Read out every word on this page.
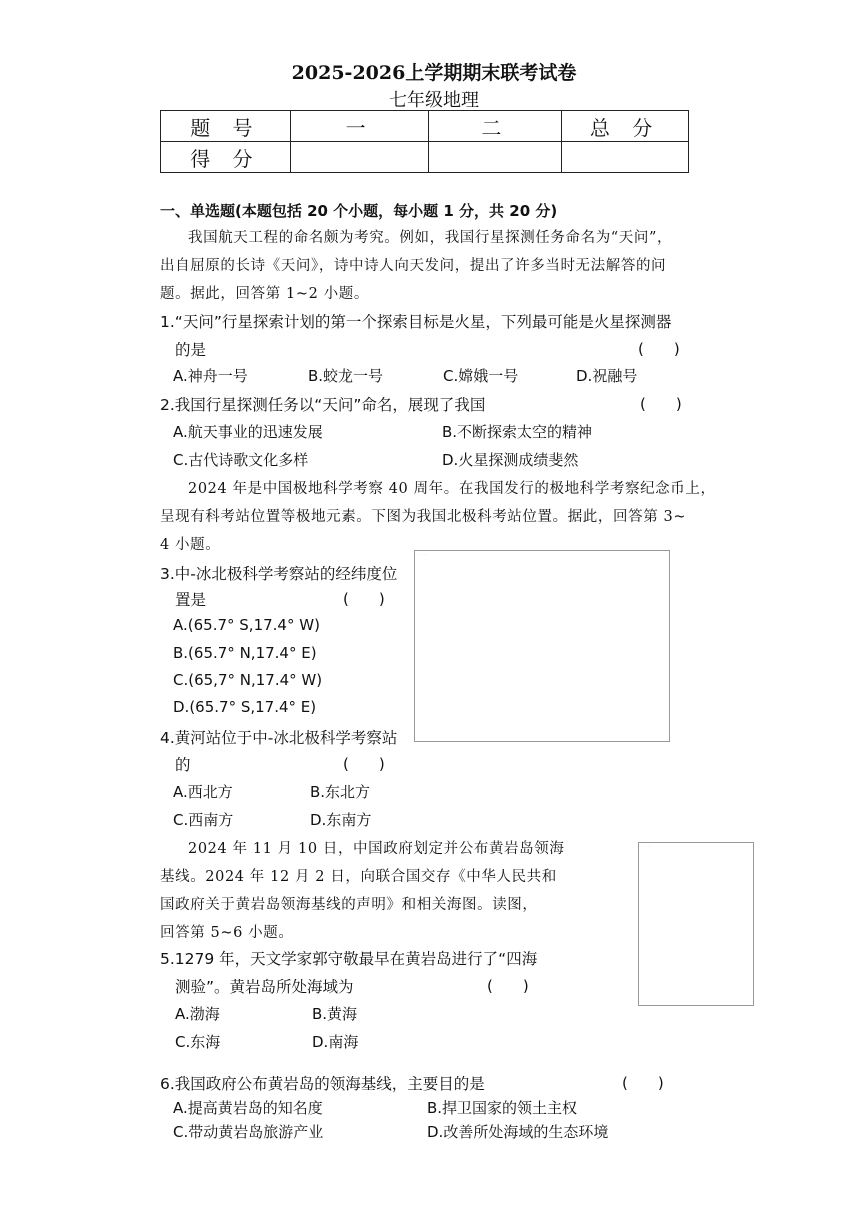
2025-2026上学期期末联考试卷
七年级地理
题 号	一	二	总 分
得 分			
一、单选题(本题包括 20 个小题，每小题 1 分，共 20 分)
我国航天工程的命名颇为考究。例如，我国行星探测任务命名为“天问”，
出自屈原的长诗《天问》，诗中诗人向天发问，提出了许多当时无法解答的问
题。据此，回答第 1~2 小题。
1.“天问”行星探索计划的第一个探索目标是火星，下列最可能是火星探测器
的是	(　　)
A.神舟一号	B.蛟龙一号	C.嫦娥一号	D.祝融号
2.我国行星探测任务以“天问”命名，展现了我国	(　　)
A.航天事业的迅速发展	B.不断探索太空的精神
C.古代诗歌文化多样	D.火星探测成绩斐然
2024 年是中国极地科学考察 40 周年。在我国发行的极地科学考察纪念币上，
呈现有科考站位置等极地元素。下图为我国北极科考站位置。据此，回答第 3~
4 小题。
· · · · ·
3.中-冰北极科学考察站的经纬度位
置是	(　　)
A.(65.7° S,17.4° W)
B.(65.7° N,17.4° E)
C.(65,7° N,17.4° W)
D.(65.7° S,17.4° E)
4.黄河站位于中-冰北极科学考察站
的	(　　)
A.西北方	B.东北方
C.西南方	D.东南方
2024 年 11 月 10 日，中国政府划定并公布黄岩岛领海
基线。2024 年 12 月 2 日，向联合国交存《中华人民共和
国政府关于黄岩岛领海基线的声明》和相关海图。读图，
回答第 5~6 小题。
· · · · ·
5.1279 年，天文学家郭守敬最早在黄岩岛进行了“四海
测验”。黄岩岛所处海域为	(　　)
A.渤海	B.黄海
C.东海	D.南海
6.我国政府公布黄岩岛的领海基线，主要目的是	(　　)
A.提高黄岩岛的知名度	B.捍卫国家的领土主权
C.带动黄岩岛旅游产业	D.改善所处海域的生态环境
